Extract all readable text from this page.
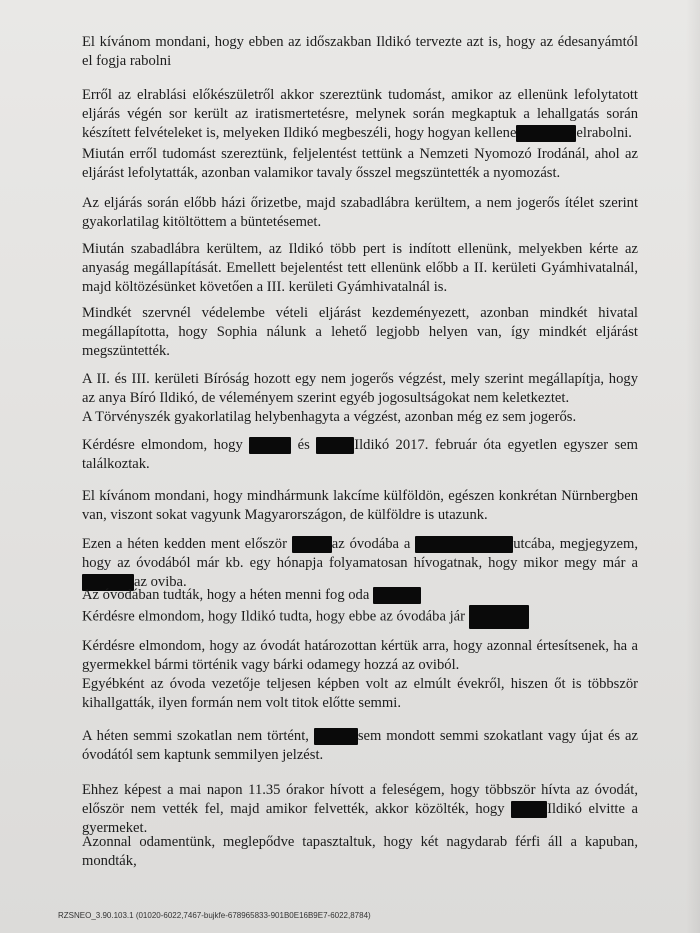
El kívánom mondani, hogy ebben az időszakban Ildikó tervezte azt is, hogy az édesanyámtól el fogja rabolni
Erről az elrablási előkészületről akkor szereztünk tudomást, amikor az ellenünk lefolytatott eljárás végén sor került az iratismertetésre, melynek során megkaptuk a lehallgatás során készített felvételeket is, melyeken Ildikó megbeszéli, hogy hogyan kellene	elrabolni.
Miután erről tudomást szereztünk, feljelentést tettünk a Nemzeti Nyomozó Irodánál, ahol az eljárást lefolytatták, azonban valamikor tavaly ősszel megszüntették a nyomozást.
Az eljárás során előbb házi őrizetbe, majd szabadlábra kerültem, a nem jogerős ítélet szerint gyakorlatilag kitöltöttem a büntetésemet.
Miután szabadlábra kerültem, az Ildikó több pert is indított ellenünk, melyekben kérte az anyaság megállapítását. Emellett bejelentést tett ellenünk előbb a II. kerületi Gyámhivatalnál, majd költözésünket követően a III. kerületi Gyámhivatalnál is.
Mindkét szervnél védelembe vételi eljárást kezdeményezett, azonban mindkét hivatal megállapította, hogy Sophia nálunk a lehető legjobb helyen van, így mindkét eljárást megszüntették.

A II. és III. kerületi Bíróság hozott egy nem jogerős végzést, mely szerint megállapítja, hogy az anya Bíró Ildikó, de véleményem szerint egyéb jogosultságokat nem keletkeztet.

A Törvényszék gyakorlatilag helybenhagyta a végzést, azonban még ez sem jogerős.

Kérdésre elmondom, hogy	és	Ildikó 2017. február óta egyetlen egyszer sem találkoztak.
El kívánom mondani, hogy mindhármunk lakcíme külföldön, egészen konkrétan Nürnbergben van, viszont sokat vagyunk Magyarországon, de külföldre is utazunk.
Ezen a héten kedden ment először	az óvodába a	utcába, megjegyzem, hogy az óvodából már kb. egy hónapja folyamatosan hívogatnak, hogy mikor megy már a az oviba.

Az óvodában tudták, hogy a héten menni fog oda

Kérdésre elmondom, hogy Ildikó tudta, hogy ebbe az óvodába jár

Kérdésre elmondom, hogy az óvodát határozottan kértük arra, hogy azonnal értesítsenek, ha a gyermekkel bármi történik vagy bárki odamegy hozzá az oviból.

Egyébként az óvoda vezetője teljesen képben volt az elmúlt évekről, hiszen őt is többször kihallgatták, ilyen formán nem volt titok előtte semmi.

A héten semmi szokatlan nem történt,	sem mondott semmi szokatlant vagy újat és az óvodától sem kaptunk semmilyen jelzést.
Ehhez képest a mai napon 11.35 órakor hívott a feleségem, hogy többször hívta az óvodát, először nem vették fel, majd amikor felvették, akkor közölték, hogy	Ildikó elvitte a gyermeket.
Azonnal odamentünk, meglepődve tapasztaltuk, hogy két nagydarab férfi áll a kapuban, mondták,
RZSNEO_3.90.103.1 (01020-6022,7467-bujkfe-678965833-901B0E16B9E7-6022,8784)
